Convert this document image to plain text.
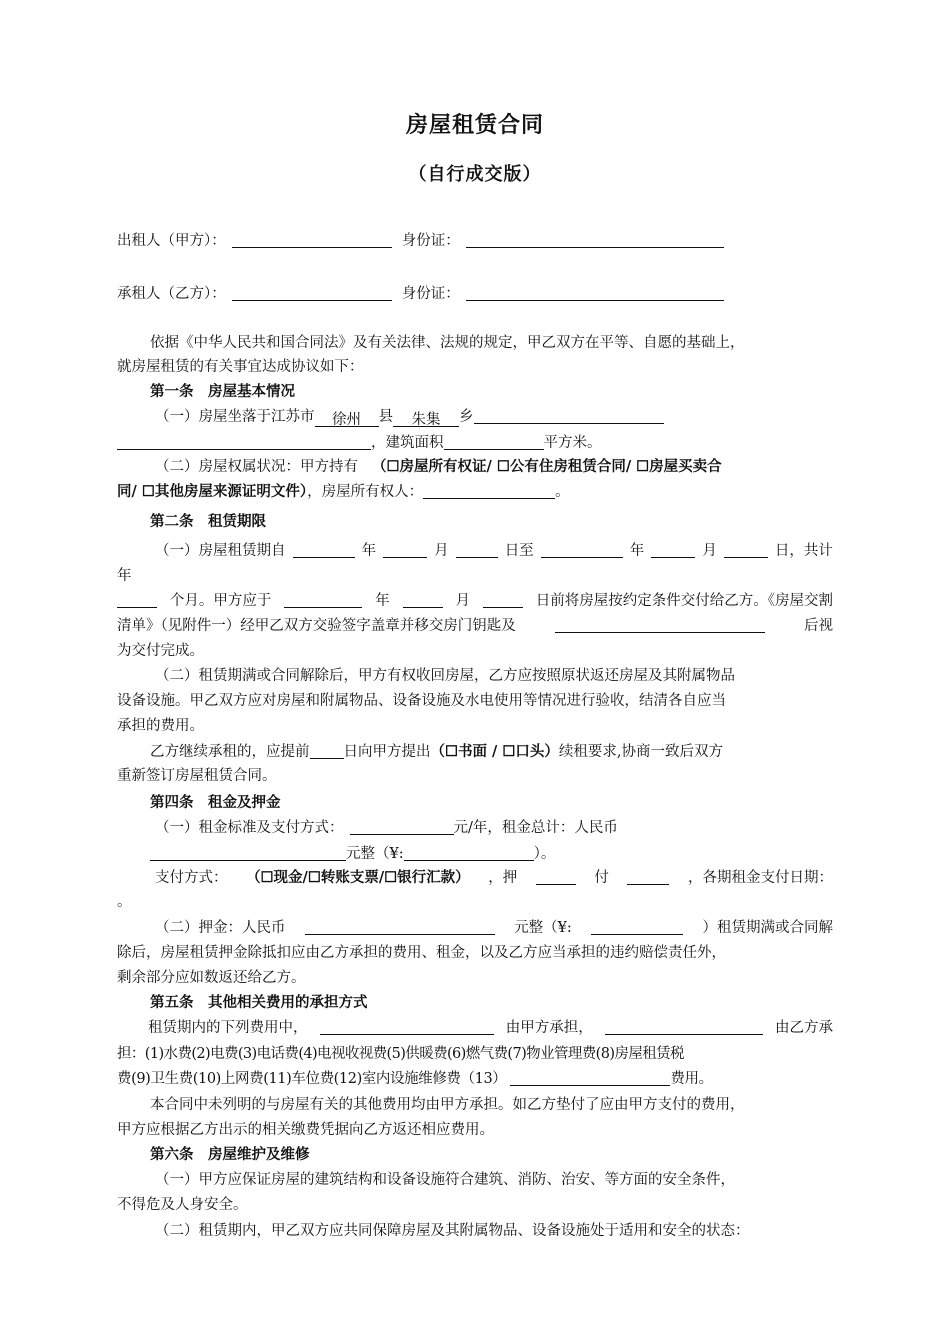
房屋租赁合同
（自行成交版）
出租人（甲方）：	身份证：
承租人（乙方）：	身份证：
依据《中华人民共和国合同法》及有关法律、法规的规定，甲乙双方在平等、自愿的基础上，
就房屋租赁的有关事宜达成协议如下：
第一条　房屋基本情况
（一）房屋坐落于江苏市 徐州 县 朱集 乡
，建筑面积	平方米。
（二）房屋权属状况：甲方持有 （☐房屋所有权证/ ☐公有住房租赁合同/ ☐房屋买卖合
同/ ☐其他房屋来源证明文件），房屋所有权人：	。
第二条　租赁期限
（一）房屋租赁期自	年	月	日至	年	月	日，共计
年
个月。甲方应于	年	月	日前将房屋按约定条件交付给乙方。《房屋交割
清单》（见附件一）经甲乙双方交验签字盖章并移交房门钥匙及	后视
为交付完成。
（二）租赁期满或合同解除后，甲方有权收回房屋，乙方应按照原状返还房屋及其附属物品
设备设施。甲乙双方应对房屋和附属物品、设备设施及水电使用等情况进行验收，结清各自应当
承担的费用。
乙方继续承租的，应提前 日向甲方提出（☐书面 / ☐口头）续租要求,协商一致后双方
重新签订房屋租赁合同。
第四条　租金及押金
（一）租金标准及支付方式：	元/年，租金总计：人民币
元整（¥:	）。
支付方式： （☐现金/☐转账支票/☐银行汇款） ，押	付	，各期租金支付日期：
。
（二）押金：人民币	元整（¥:	）租赁期满或合同解
除后，房屋租赁押金除抵扣应由乙方承担的费用、租金，以及乙方应当承担的违约赔偿责任外，
剩余部分应如数返还给乙方。
第五条　其他相关费用的承担方式
租赁期内的下列费用中，	由甲方承担，	由乙方承
担：(1)水费(2)电费(3)电话费(4)电视收视费(5)供暖费(6)燃气费(7)物业管理费(8)房屋租赁税
费(9)卫生费(10)上网费(11)车位费(12)室内设施维修费（13）	费用。
本合同中未列明的与房屋有关的其他费用均由甲方承担。如乙方垫付了应由甲方支付的费用，
甲方应根据乙方出示的相关缴费凭据向乙方返还相应费用。
第六条　房屋维护及维修
（一）甲方应保证房屋的建筑结构和设备设施符合建筑、消防、治安、等方面的安全条件，
不得危及人身安全。
（二）租赁期内，甲乙双方应共同保障房屋及其附属物品、设备设施处于适用和安全的状态：
